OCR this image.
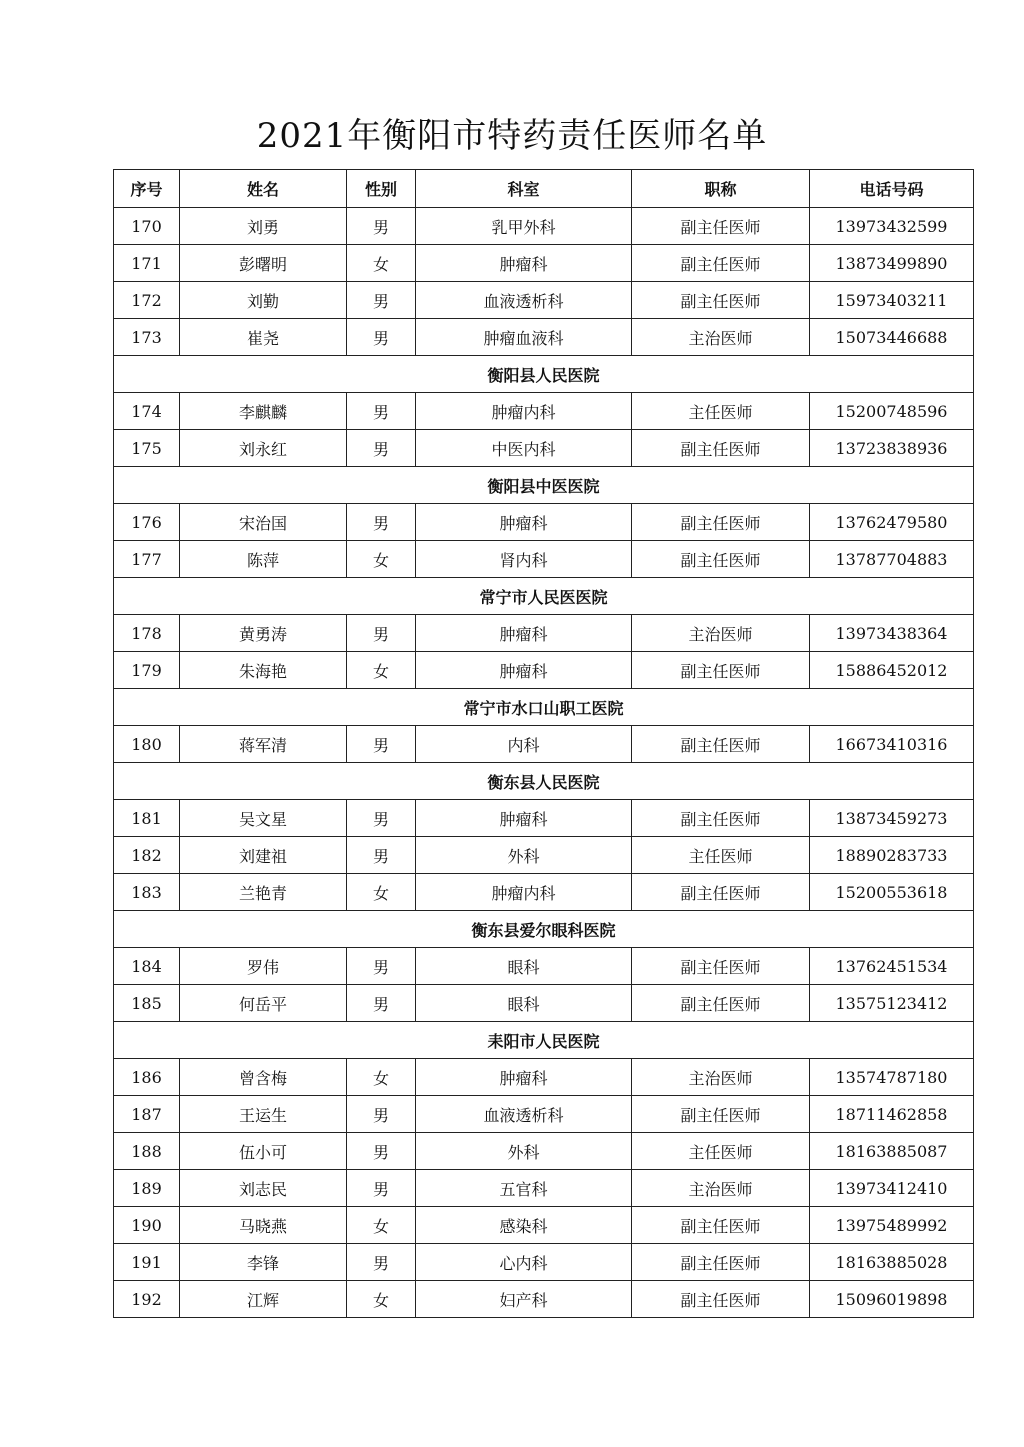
2021年衡阳市特药责任医师名单
序号	姓名	性别	科室	职称	电话号码
170	刘勇	男	乳甲外科	副主任医师	13973432599
171	彭曙明	女	肿瘤科	副主任医师	13873499890
172	刘勤	男	血液透析科	副主任医师	15973403211
173	崔尧	男	肿瘤血液科	主治医师	15073446688
衡阳县人民医院					
174	李麒麟	男	肿瘤内科	主任医师	15200748596
175	刘永红	男	中医内科	副主任医师	13723838936
衡阳县中医医院					
176	宋治国	男	肿瘤科	副主任医师	13762479580
177	陈萍	女	肾内科	副主任医师	13787704883
常宁市人民医医院					
178	黄勇涛	男	肿瘤科	主治医师	13973438364
179	朱海艳	女	肿瘤科	副主任医师	15886452012
常宁市水口山职工医院					
180	蒋军清	男	内科	副主任医师	16673410316
衡东县人民医院					
181	吴文星	男	肿瘤科	副主任医师	13873459273
182	刘建祖	男	外科	主任医师	18890283733
183	兰艳青	女	肿瘤内科	副主任医师	15200553618
衡东县爱尔眼科医院					
184	罗伟	男	眼科	副主任医师	13762451534
185	何岳平	男	眼科	副主任医师	13575123412
耒阳市人民医院					
186	曾含梅	女	肿瘤科	主治医师	13574787180
187	王运生	男	血液透析科	副主任医师	18711462858
188	伍小可	男	外科	主任医师	18163885087
189	刘志民	男	五官科	主治医师	13973412410
190	马晓燕	女	感染科	副主任医师	13975489992
191	李锋	男	心内科	副主任医师	18163885028
192	江辉	女	妇产科	副主任医师	15096019898
